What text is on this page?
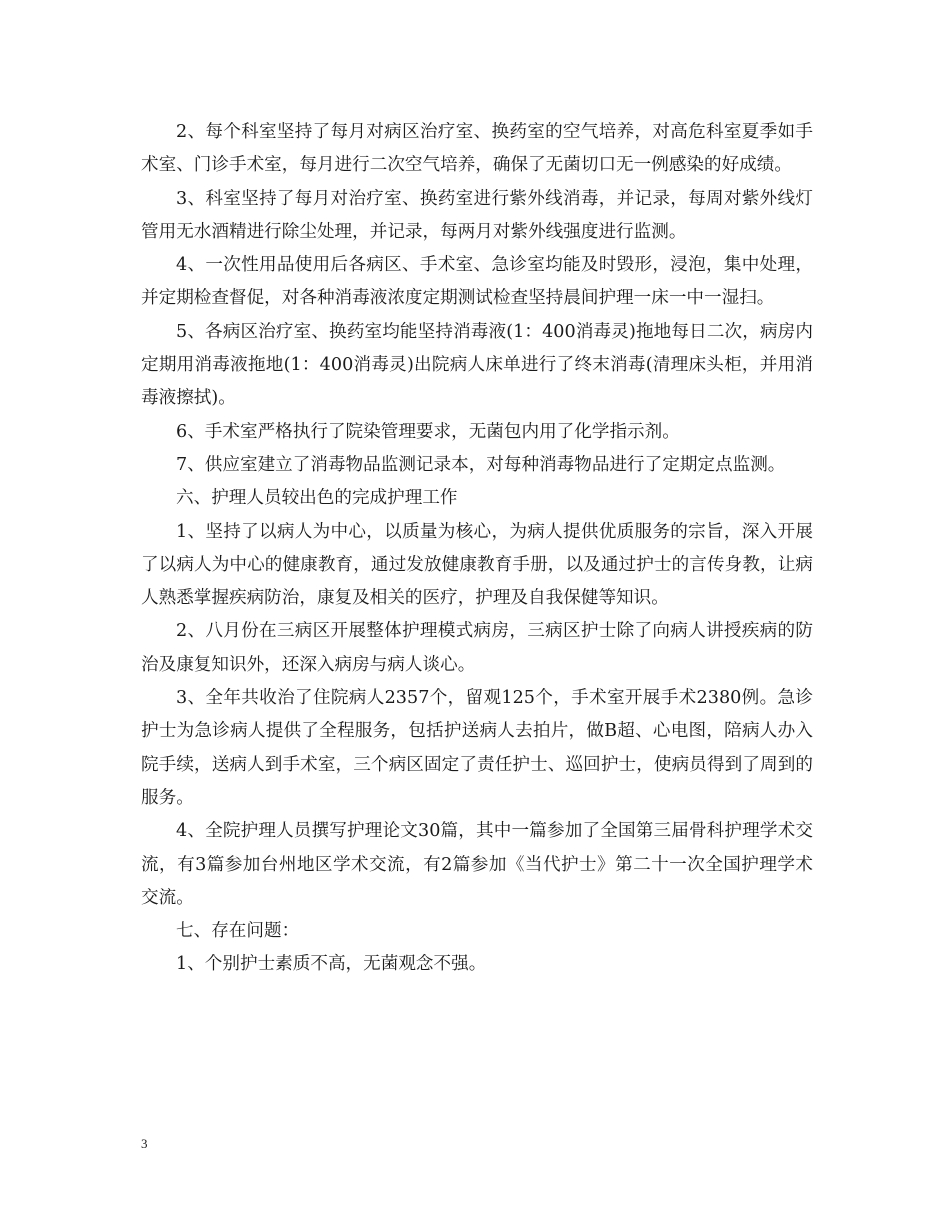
2、每个科室坚持了每月对病区治疗室、换药室的空气培养，对高危科室夏季如手术室、门诊手术室，每月进行二次空气培养，确保了无菌切口无一例感染的好成绩。

3、科室坚持了每月对治疗室、换药室进行紫外线消毒，并记录，每周对紫外线灯管用无水酒精进行除尘处理，并记录，每两月对紫外线强度进行监测。

4、一次性用品使用后各病区、手术室、急诊室均能及时毁形，浸泡，集中处理，并定期检查督促，对各种消毒液浓度定期测试检查坚持晨间护理一床一中一湿扫。

5、各病区治疗室、换药室均能坚持消毒液(1：400消毒灵)拖地每日二次，病房内定期用消毒液拖地(1：400消毒灵)出院病人床单进行了终末消毒(清理床头柜，并用消毒液擦拭)。

6、手术室严格执行了院染管理要求，无菌包内用了化学指示剂。

7、供应室建立了消毒物品监测记录本，对每种消毒物品进行了定期定点监测。

六、护理人员较出色的完成护理工作

1、坚持了以病人为中心，以质量为核心，为病人提供优质服务的宗旨，深入开展了以病人为中心的健康教育，通过发放健康教育手册，以及通过护士的言传身教，让病人熟悉掌握疾病防治，康复及相关的医疗，护理及自我保健等知识。

2、八月份在三病区开展整体护理模式病房，三病区护士除了向病人讲授疾病的防治及康复知识外，还深入病房与病人谈心。

3、全年共收治了住院病人2357个，留观125个，手术室开展手术2380例。急诊护士为急诊病人提供了全程服务，包括护送病人去拍片，做B超、心电图，陪病人办入院手续，送病人到手术室，三个病区固定了责任护士、巡回护士，使病员得到了周到的服务。

4、全院护理人员撰写护理论文30篇，其中一篇参加了全国第三届骨科护理学术交流，有3篇参加台州地区学术交流，有2篇参加《当代护士》第二十一次全国护理学术交流。

七、存在问题：

1、个别护士素质不高，无菌观念不强。

3
